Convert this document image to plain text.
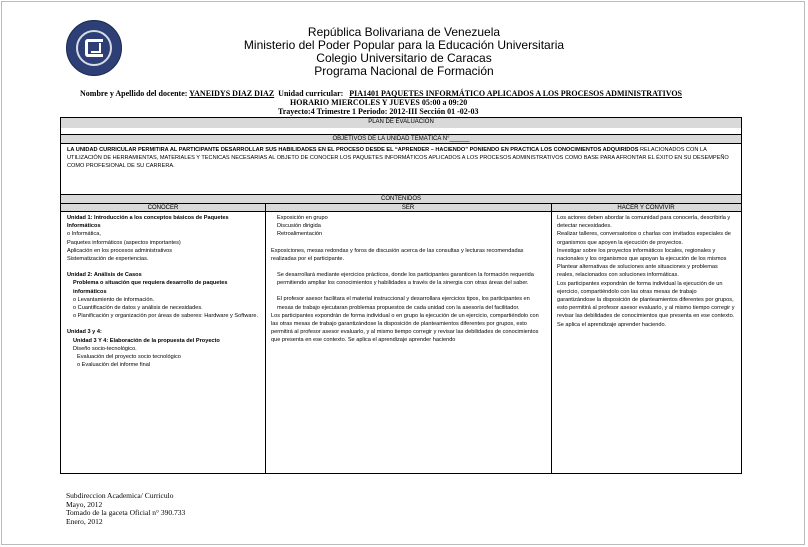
República Bolivariana de Venezuela
Ministerio del Poder Popular para la Educación Universitaria
Colegio Universitario de Caracas
Programa Nacional de Formación
Nombre y Apellido del docente: YANEIDYS DIAZ DIAZ Unidad curricular: PIA1401 PAQUETES INFORMÁTICO APLICADOS A LOS PROCESOS ADMINISTRATIVOS
HORARIO MIERCOLES Y JUEVES 05:00 a 09:20
Trayecto:4 Trimestre 1 Periodo: 2012-III Sección 01 -02-03
PLAN DE EVALUACIÓN
OBJETIVOS DE LA UNIDAD TEMÁTICA N°______
LA UNIDAD CURRICULAR PERMITIRA AL PARTICIPANTE DESARROLLAR SUS HABILIDADES EN EL PROCESO DESDE EL “APRENDER – HACIENDO” PONIENDO EN PRACTICA LOS CONOCIMIENTOS ADQUIRIDOS RELACIONADOS CON LA UTILIZACIÓN DE HERRAMIENTAS, MATERIALES Y TECNICAS NECESARIAS AL OBJETO DE CONOCER LOS PAQUETES INFORMÁTICOS APLICADOS A LOS PROCESOS ADMINISTRATIVOS COMO BASE PARA AFRONTAR EL ÉXITO EN SU DESEMPEÑO COMO PROFESIONAL DE SU CARRERA.
CONTENIDOS
CONOCER	SER	HACER Y CONVIVIR

Unidad 1: Introducción a los conceptos básicos de Paquetes Informáticos

o Informática,

Paquetes informáticos (aspectos importantes)

Aplicación en los procesos administrativos

Sistematización de experiencias.

Unidad 2: Análisis de Casos

Problema o situación que requiera desarrollo de paquetes informáticos

o Levantamiento de información.

o Cuantificación de datos y análisis de necesidades.

o Planificación y organización por áreas de saberes: Hardware y Software.

Unidad 3 y 4:

Unidad 3 Y 4: Elaboración de la propuesta del Proyecto

Diseño socio-tecnológico.

Evaluación del proyecto socio tecnológico

o Evaluación del informe final

Exposición en grupo

Discusión dirigida

Retroalimentación

Exposiciones, mesas redondas y foros de discusión acerca de las consultas y lecturas recomendadas realizadas por el participante.

Se desarrollará mediante ejercicios prácticos, donde los participantes garanticen la formación requerida permitiendo ampliar los conocimientos y habilidades a través de la sinergia con otras áreas del saber.

El profesor asesor facilitara el material instruccional y desarrollara ejercicios tipos, los participantes en mesas de trabajo ejecutaran problemas propuestos de cada unidad con la asesoría del facilitador.

Los participantes expondrán de forma individual o en grupo la ejecución de un ejercicio, compartiéndolo con las otras mesas de trabajo garantizándose la disposición de planteamientos diferentes por grupos, esto permitirá al profesor asesor evaluarlo, y al mismo tiempo corregir y revisar las debilidades de conocimientos que presenta en ese contexto. Se aplica el aprendizaje aprender haciendo

Los actores deben abordar la comunidad para conocerla, describirla y detectar necesidades.

Realizar talleres, conversatorios o charlas con invitados especiales de organismos que apoyen la ejecución de proyectos.

Investigar sobre los proyectos informáticos locales, regionales y nacionales y los organismos que apoyan la ejecución de los mismos

Plantear alternativas de soluciones ante situaciones y problemas reales, relacionados con soluciones informáticas.

Los participantes expondrán de forma individual la ejecución de un ejercicio, compartiéndolo con las otras mesas de trabajo garantizándose la disposición de planteamientos diferentes por grupos, esto permitirá al profesor asesor evaluarlo, y al mismo tiempo corregir y revisar las debilidades de conocimientos que presenta en ese contexto. Se aplica el aprendizaje aprender haciendo.

Subdireccion Academica/ Curriculo
Mayo, 2012
Tomado de la gaceta Oficial n° 390.733
Enero, 2012
